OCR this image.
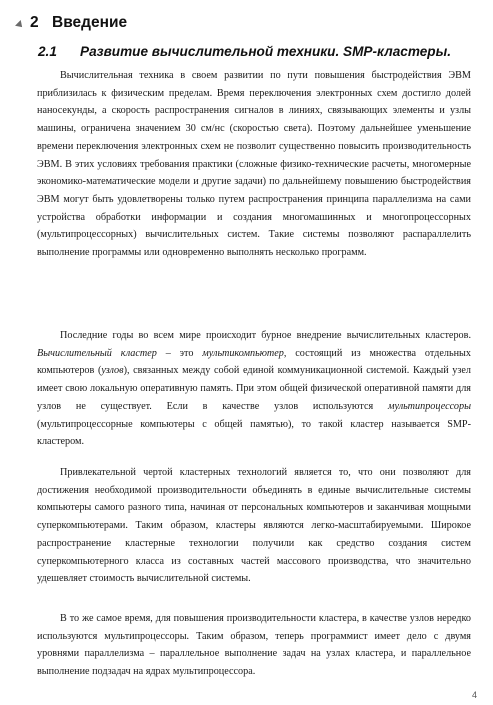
2 Введение
2.1 Развитие вычислительной техники. SMP-кластеры.

Вычислительная техника в своем развитии по пути повышения быстродействия ЭВМ приблизилась к физическим пределам. Время переключения электронных схем достигло долей наносекунды, а скорость распространения сигналов в линиях, связывающих элементы и узлы машины, ограничена значением 30 см/нс (скоростью света). Поэтому дальнейшее уменьшение времени переключения электронных схем не позволит существенно повысить производительность ЭВМ. В этих условиях требования практики (сложные физико-технические расчеты, многомерные экономико-математические модели и другие задачи) по дальнейшему повышению быстродействия ЭВМ могут быть удовлетворены только путем распространения принципа параллелизма на сами устройства обработки информации и создания многомашинных и многопроцессорных (мультипроцессорных) вычислительных систем. Такие системы позволяют распараллелить выполнение программы или одновременно выполнять несколько программ.

Последние годы во всем мире происходит бурное внедрение вычислительных кластеров. Вычислительный кластер – это мультикомпьютер, состоящий из множества отдельных компьютеров (узлов), связанных между собой единой коммуникационной системой. Каждый узел имеет свою локальную оперативную память. При этом общей физической оперативной памяти для узлов не существует. Если в качестве узлов используются мультипроцессоры (мультипроцессорные компьютеры с общей памятью), то такой кластер называется SMP-кластером.

Привлекательной чертой кластерных технологий является то, что они позволяют для достижения необходимой производительности объединять в единые вычислительные системы компьютеры самого разного типа, начиная от персональных компьютеров и заканчивая мощными суперкомпьютерами. Таким образом, кластеры являются легко-масштабируемыми. Широкое распространение кластерные технологии получили как средство создания систем суперкомпьютерного класса из составных частей массового производства, что значительно удешевляет стоимость вычислительной системы.

В то же самое время, для повышения производительности кластера, в качестве узлов нередко используются мультипроцессоры. Таким образом, теперь программист имеет дело с двумя уровнями параллелизма – параллельное выполнение задач на узлах кластера, и параллельное выполнение подзадач на ядрах мультипроцессора.

4
